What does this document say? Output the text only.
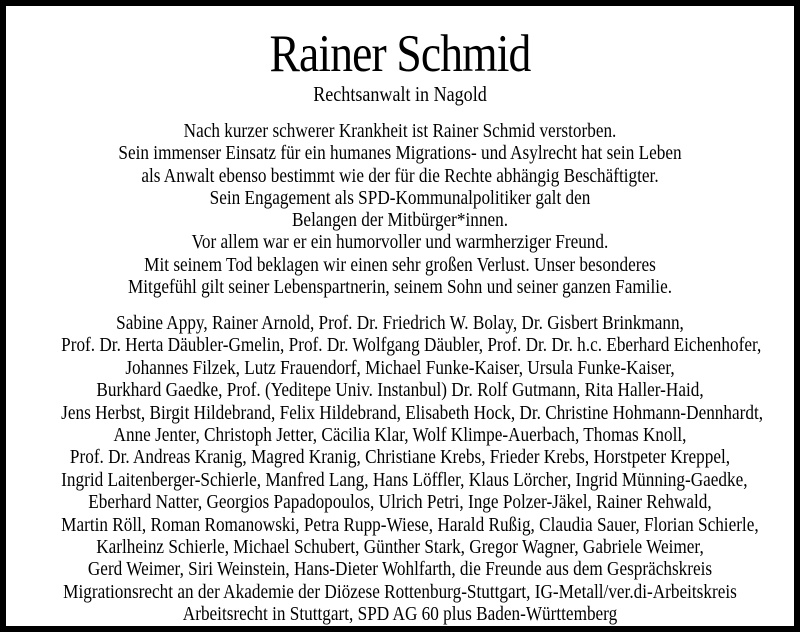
Rainer Schmid
Rechtsanwalt in Nagold
Nach kurzer schwerer Krankheit ist Rainer Schmid verstorben.
Sein immenser Einsatz für ein humanes Migrations- und Asylrecht hat sein Leben
als Anwalt ebenso bestimmt wie der für die Rechte abhängig Beschäftigter.
Sein Engagement als SPD-Kommunalpolitiker galt den
Belangen der Mitbürger*innen.
Vor allem war er ein humorvoller und warmherziger Freund.
Mit seinem Tod beklagen wir einen sehr großen Verlust. Unser besonderes
Mitgefühl gilt seiner Lebenspartnerin, seinem Sohn und seiner ganzen Familie.
Sabine Appy, Rainer Arnold, Prof. Dr. Friedrich W. Bolay, Dr. Gisbert Brinkmann,
Prof. Dr. Herta Däubler-Gmelin, Prof. Dr. Wolfgang Däubler, Prof. Dr. Dr. h.c. Eberhard Eichenhofer,
Johannes Filzek, Lutz Frauendorf, Michael Funke-Kaiser, Ursula Funke-Kaiser,
Burkhard Gaedke, Prof. (Yeditepe Univ. Instanbul) Dr. Rolf Gutmann, Rita Haller-Haid,
Jens Herbst, Birgit Hildebrand, Felix Hildebrand, Elisabeth Hock, Dr. Christine Hohmann-Dennhardt,
Anne Jenter, Christoph Jetter, Cäcilia Klar, Wolf Klimpe-Auerbach, Thomas Knoll,
Prof. Dr. Andreas Kranig, Magred Kranig, Christiane Krebs, Frieder Krebs, Horstpeter Kreppel,
Ingrid Laitenberger-Schierle, Manfred Lang, Hans Löffler, Klaus Lörcher, Ingrid Münning-Gaedke,
Eberhard Natter, Georgios Papadopoulos, Ulrich Petri, Inge Polzer-Jäkel, Rainer Rehwald,
Martin Röll, Roman Romanowski, Petra Rupp-Wiese, Harald Rußig, Claudia Sauer, Florian Schierle,
Karlheinz Schierle, Michael Schubert, Günther Stark, Gregor Wagner, Gabriele Weimer,
Gerd Weimer, Siri Weinstein, Hans-Dieter Wohlfarth, die Freunde aus dem Gesprächskreis
Migrationsrecht an der Akademie der Diözese Rottenburg-Stuttgart, IG-Metall/ver.di-Arbeitskreis
Arbeitsrecht in Stuttgart, SPD AG 60 plus Baden-Württemberg
